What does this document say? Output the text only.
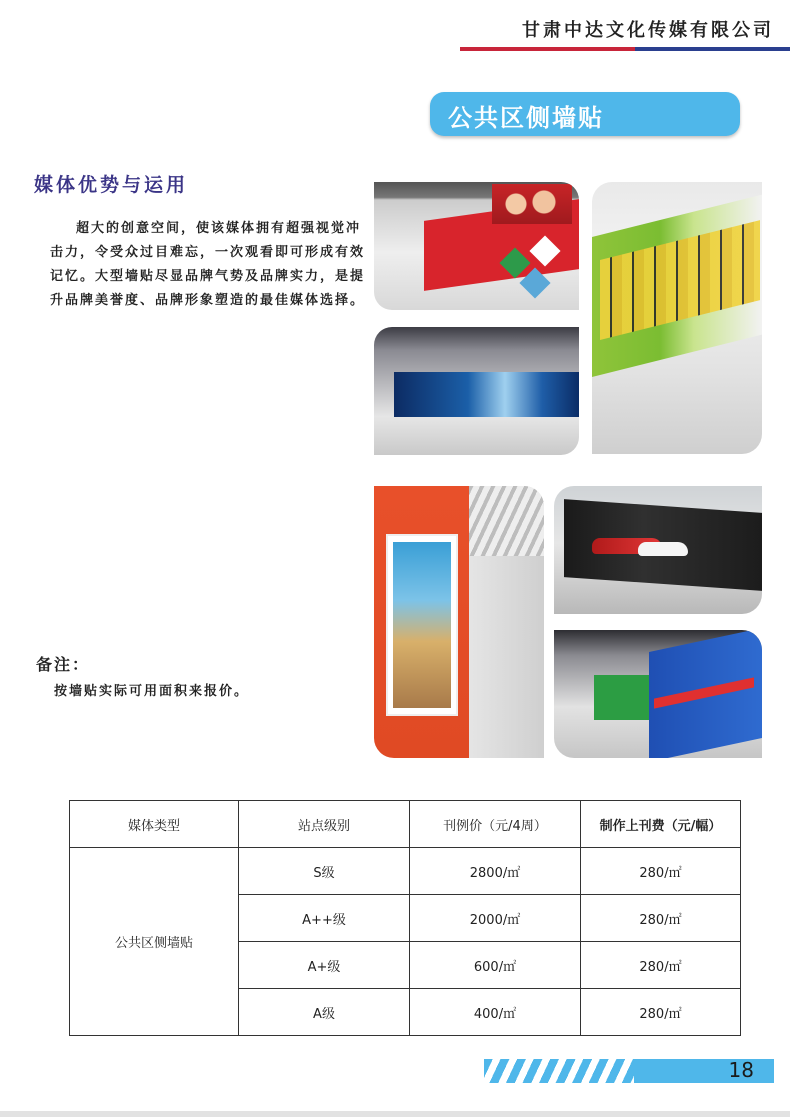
甘肃中达文化传媒有限公司
公共区侧墙贴
媒体优势与运用

超大的创意空间，使该媒体拥有超强视觉冲击力，令受众过目难忘，一次观看即可形成有效记忆。大型墙贴尽显品牌气势及品牌实力，是提升品牌美誉度、品牌形象塑造的最佳媒体选择。

备注：
按墙贴实际可用面积来报价。
媒体类型	站点级别	刊例价（元/4周）	制作上刊费（元/幅）
公共区侧墙贴	S级	2800/㎡	280/㎡
	A++级	2000/㎡	280/㎡
	A+级	600/㎡	280/㎡
	A级	400/㎡	280/㎡
18
